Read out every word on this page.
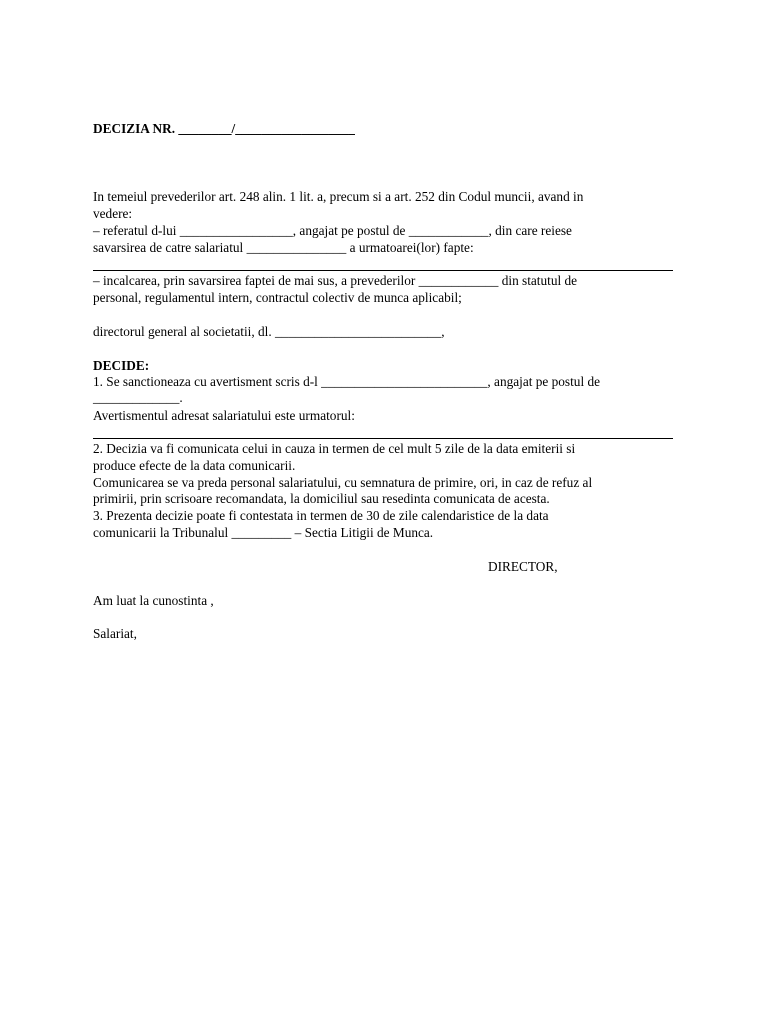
DECIZIA NR. ________/__________________
In temeiul prevederilor art. 248 alin. 1 lit. a, precum si a art. 252 din Codul muncii, avand in
vedere:
– referatul d-lui _________________, angajat pe postul de ____________, din care reiese
savarsirea de catre salariatul _______________ a urmatoarei(lor) fapte:
– incalcarea, prin savarsirea faptei de mai sus, a prevederilor ____________ din statutul de
personal, regulamentul intern, contractul colectiv de munca aplicabil;
directorul general al societatii, dl. _________________________,
DECIDE:
1. Se sanctioneaza cu avertisment scris d-l _________________________, angajat pe postul de
_____________.
Avertismentul adresat salariatului este urmatorul:
2. Decizia va fi comunicata celui in cauza in termen de cel mult 5 zile de la data emiterii si
produce efecte de la data comunicarii.
Comunicarea se va preda personal salariatului, cu semnatura de primire, ori, in caz de refuz al
primirii, prin scrisoare recomandata, la domiciliul sau resedinta comunicata de acesta.
3. Prezenta decizie poate fi contestata in termen de 30 de zile calendaristice de la data
comunicarii la Tribunalul _________ – Sectia Litigii de Munca.
DIRECTOR,
Am luat la cunostinta ,
Salariat,
